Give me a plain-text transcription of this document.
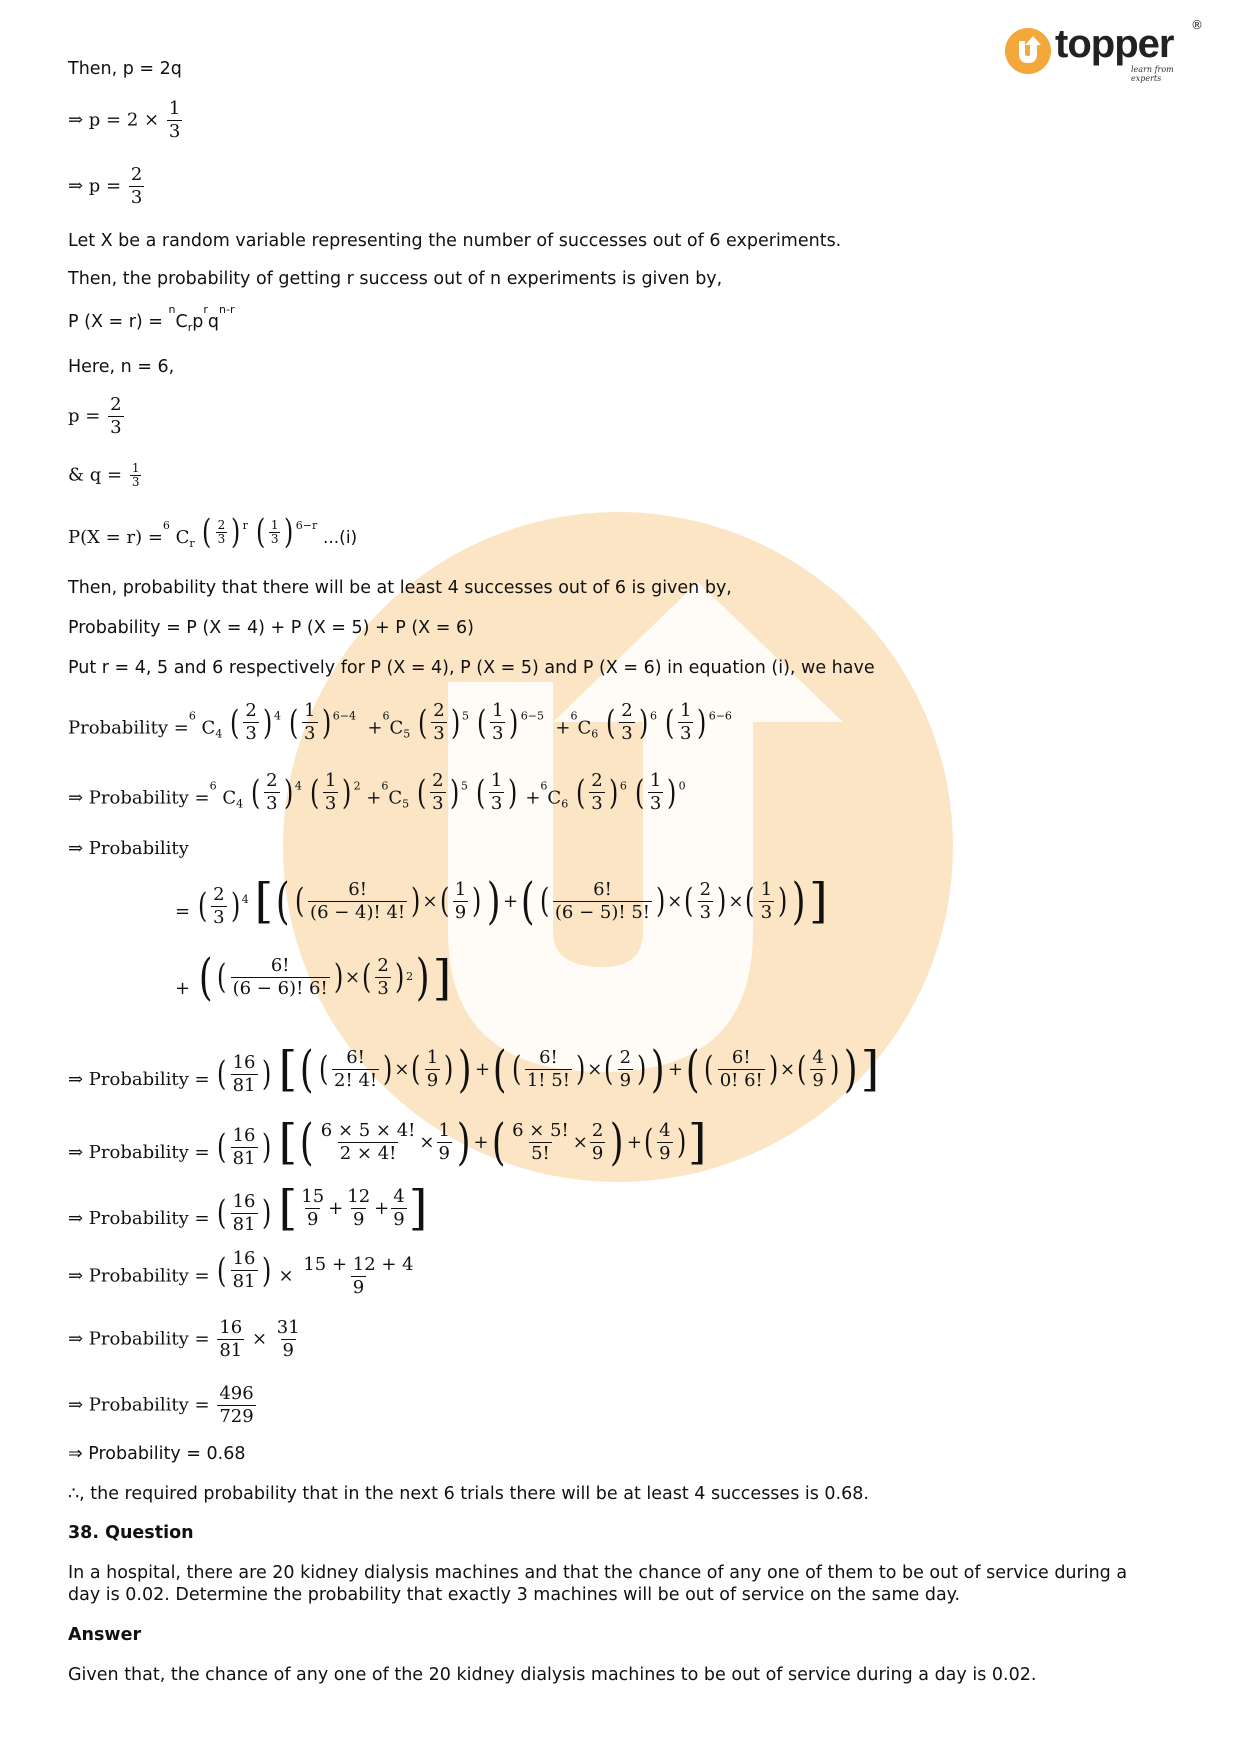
topper ®
learn from experts
Then, p = 2q
⇒ $p = 2 \times \frac{1}{3}$
⇒ $p = \frac{2}{3}$
Let X be a random variable representing the number of successes out of 6 experiments.
Then, the probability of getting r success out of n experiments is given by,
P $(X = r) = ^nC_rp^rq^{n-r}$
Here, n = 6,
$p = \frac{2}{3}$
& $q = \frac{1}{3}$
P(X = r) =$^6$ $C_r$ ( $\frac{2}{3}$
) $^r$ ( $\frac{1}{3}$
) $^{6-r}$ ...(i)
Then, probability that there will be at least 4 successes out of 6 is given by,
Probability = P (X = 4) + P (X = 5) + P (X = 6)
Put r = 4, 5 and 6 respectively for P (X = 4), P (X = 5) and P (X = 6) in equation (i), we have
Probability =$^6$ $C_4$ ( $\frac{2}{3}$
) $^4$ ( $\frac{1}{3}$
) $^{6-4} +^6C_5$ ( $\frac{2}{3}$
) $^5$ ( $\frac{1}{3}$
) $^{6-5} +^6C_6$ ( $\frac{2}{3}$
) $^6$ ( $\frac{1}{3}$
) $^{6-6}$
⇒ Probability =$^6$ $C_4$ ( $\frac{2}{3}$
) $^4$ ( $\frac{1}{3}$
) $^2 +^6C_5$ ( $\frac{2}{3}$
) $^5$ ( $\frac{1}{3}$
) $+^6C_6$ ( $\frac{2}{3}$
) $^6$ ( $\frac{1}{3}$
) $^0$
⇒ Probability
= ( $\frac{2}{3}$
) $^4$	( ( [ $\frac{6!}{(6 - 4)! 4!}$
) × ( $\frac{1}{9}$
)
) + ( ( $\frac{6!}{(6 - 5)! 5!}$
) × ( $\frac{2}{3}$
) × ( $\frac{1}{3}$
)
)
]
+ ( ( $\frac{6!}{(6 - 6)! 6!}$
) × ( $\frac{2}{3}$
) 2
) ]
⇒ Probability = ( $\frac{16}{81}$
)	( ( [ $\frac{6!}{2! 4!}$
) × ( $\frac{1}{9}$
)
) + ( ( $\frac{6!}{1! 5!}$
) × ( $\frac{2}{9}$
)
) + ( ( $\frac{6!}{0! 6!}$
) × ( $\frac{4}{9}$
)
)
]
⇒ Probability = ( $\frac{16}{81}$
)	( [ $\frac{6 \times 5 \times 4!}{2 \times 4!} \times \frac{1}{9}$
) + ( $\frac{6 \times 5!}{5!} \times \frac{2}{9}$
) + ( $\frac{4}{9}$
)
]
⇒ Probability = ( $\frac{16}{81}$
) [ $\frac{15}{9} + \frac{12}{9} + \frac{4}{9}$
]
⇒ Probability = ( $\frac{16}{81}$
) × $\frac{15 + 12 + 4}{9}$
⇒ Probability = $\frac{16}{81} \times \frac{31}{9}$
⇒ Probability = $\frac{496}{729}$
⇒ Probability = 0.68
∴, the required probability that in the next 6 trials there will be at least 4 successes is 0.68.
38. Question
In a hospital, there are 20 kidney dialysis machines and that the chance of any one of them to be out of service during a
day is 0.02. Determine the probability that exactly 3 machines will be out of service on the same day.
Answer
Given that, the chance of any one of the 20 kidney dialysis machines to be out of service during a day is 0.02.
